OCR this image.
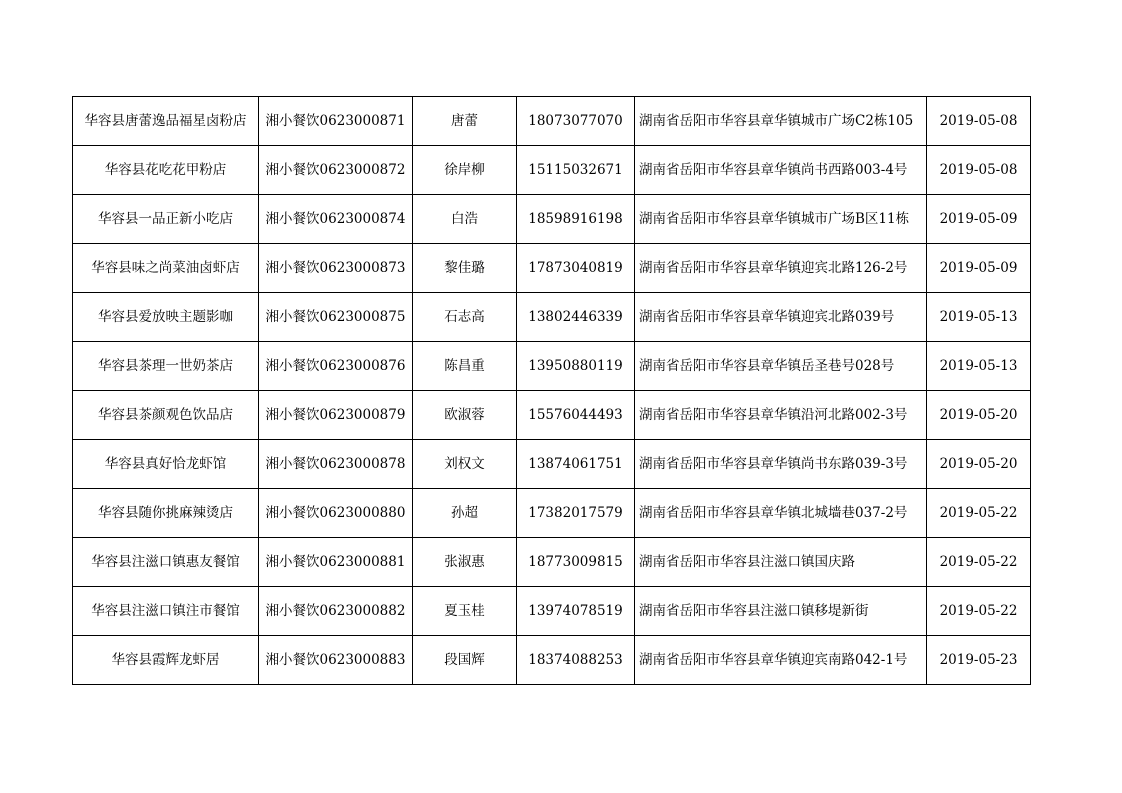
华容县唐蕾逸品福星卤粉店	湘小餐饮0623000871	唐蕾	18073077070	湖南省岳阳市华容县章华镇城市广场C2栋105	2019-05-08
华容县花吃花甲粉店	湘小餐饮0623000872	徐岸柳	15115032671	湖南省岳阳市华容县章华镇尚书西路003-4号	2019-05-08
华容县一品正新小吃店	湘小餐饮0623000874	白浩	18598916198	湖南省岳阳市华容县章华镇城市广场B区11栋	2019-05-09
华容县味之尚菜油卤虾店	湘小餐饮0623000873	黎佳璐	17873040819	湖南省岳阳市华容县章华镇迎宾北路126-2号	2019-05-09
华容县爱放映主题影咖	湘小餐饮0623000875	石志高	13802446339	湖南省岳阳市华容县章华镇迎宾北路039号	2019-05-13
华容县茶理一世奶茶店	湘小餐饮0623000876	陈昌重	13950880119	湖南省岳阳市华容县章华镇岳圣巷号028号	2019-05-13
华容县茶颜观色饮品店	湘小餐饮0623000879	欧淑蓉	15576044493	湖南省岳阳市华容县章华镇沿河北路002-3号	2019-05-20
华容县真好恰龙虾馆	湘小餐饮0623000878	刘权文	13874061751	湖南省岳阳市华容县章华镇尚书东路039-3号	2019-05-20
华容县随你挑麻辣烫店	湘小餐饮0623000880	孙超	17382017579	湖南省岳阳市华容县章华镇北城墙巷037-2号	2019-05-22
华容县注滋口镇惠友餐馆	湘小餐饮0623000881	张淑惠	18773009815	湖南省岳阳市华容县注滋口镇国庆路	2019-05-22
华容县注滋口镇注市餐馆	湘小餐饮0623000882	夏玉桂	13974078519	湖南省岳阳市华容县注滋口镇移堤新街	2019-05-22
华容县霞辉龙虾居	湘小餐饮0623000883	段国辉	18374088253	湖南省岳阳市华容县章华镇迎宾南路042-1号	2019-05-23
